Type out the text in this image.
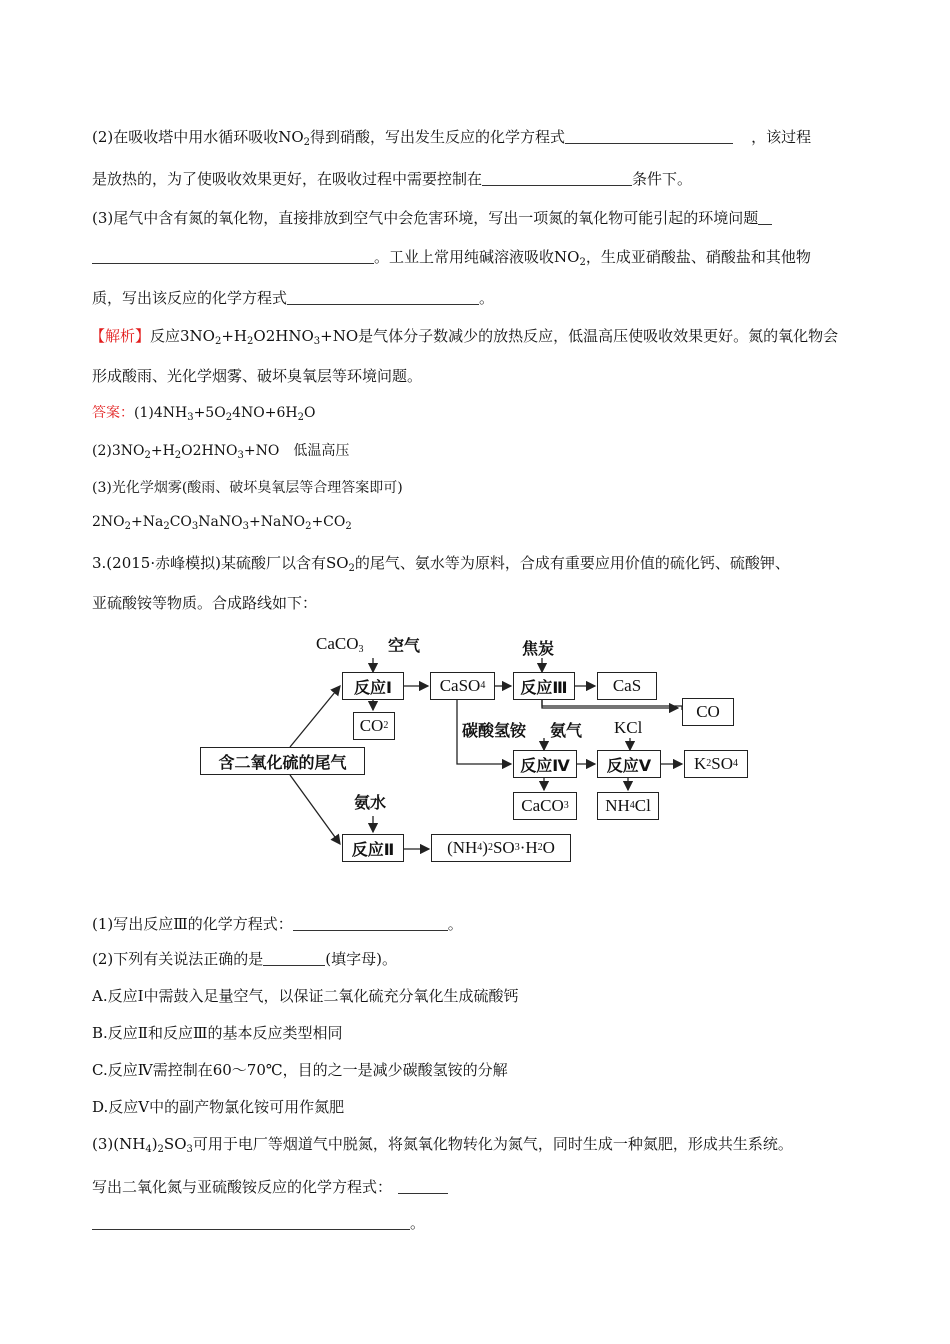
(2)在吸收塔中用水循环吸收$NO_2$得到硝酸，写出发生反应的化学方程式	，该过程
是放热的，为了使吸收效果更好，在吸收过程中需要控制在	条件下。
(3)尾气中含有氮的氧化物，直接排放到空气中会危害环境，写出一项氮的氧化物可能引起的环境问题
。工业上常用纯碱溶液吸收$NO_2$，生成亚硝酸盐、硝酸盐和其他物
质，写出该反应的化学方程式	。
【解析】反应$3NO_2+H_2O2HNO_3+NO$是气体分子数减少的放热反应，低温高压使吸收效果更好。氮的氧化物会
形成酸雨、光化学烟雾、破坏臭氧层等环境问题。
答案：$(1)4NH_3+5O_24NO+6H_2O$
$(2)3NO_2+H_2O2HNO_3+NO$　低温高压
(3)光化学烟雾(酸雨、破坏臭氧层等合理答案即可)
$2NO_2+Na_2CO_3NaNO_3+NaNO_2+CO_2$
3.(2015·赤峰模拟)某硫酸厂以含有$SO_2$的尾气、氨水等为原料，合成有重要应用价值的硫化钙、硫酸钾、
亚硫酸铵等物质。合成路线如下：
CaCO$_3$ 空气	焦炭
反应Ⅰ	CaSO 4	反应Ⅲ	CaS
CO 2
CO
碳酸氢铵 氨气 KCl
含二氧化硫的尾气	反应Ⅳ	反应Ⅴ	K 2 SO 4
CaCO 3 NH 4 Cl
氨水
反应Ⅱ	(NH 4 ) 2 SO 3 ·H 2 O
(1)写出反应Ⅲ的化学方程式：	。
(2)下列有关说法正确的是	(填字母)。
A.反应Ⅰ中需鼓入足量空气，以保证二氧化硫充分氧化生成硫酸钙
B.反应Ⅱ和反应Ⅲ的基本反应类型相同
C.反应Ⅳ需控制在60～70℃，目的之一是减少碳酸氢铵的分解
D.反应Ⅴ中的副产物氯化铵可用作氮肥
$(3)(NH_4)_2SO_3$可用于电厂等烟道气中脱氮，将氮氧化物转化为氮气，同时生成一种氮肥，形成共生系统。
写出二氧化氮与亚硫酸铵反应的化学方程式：
。
